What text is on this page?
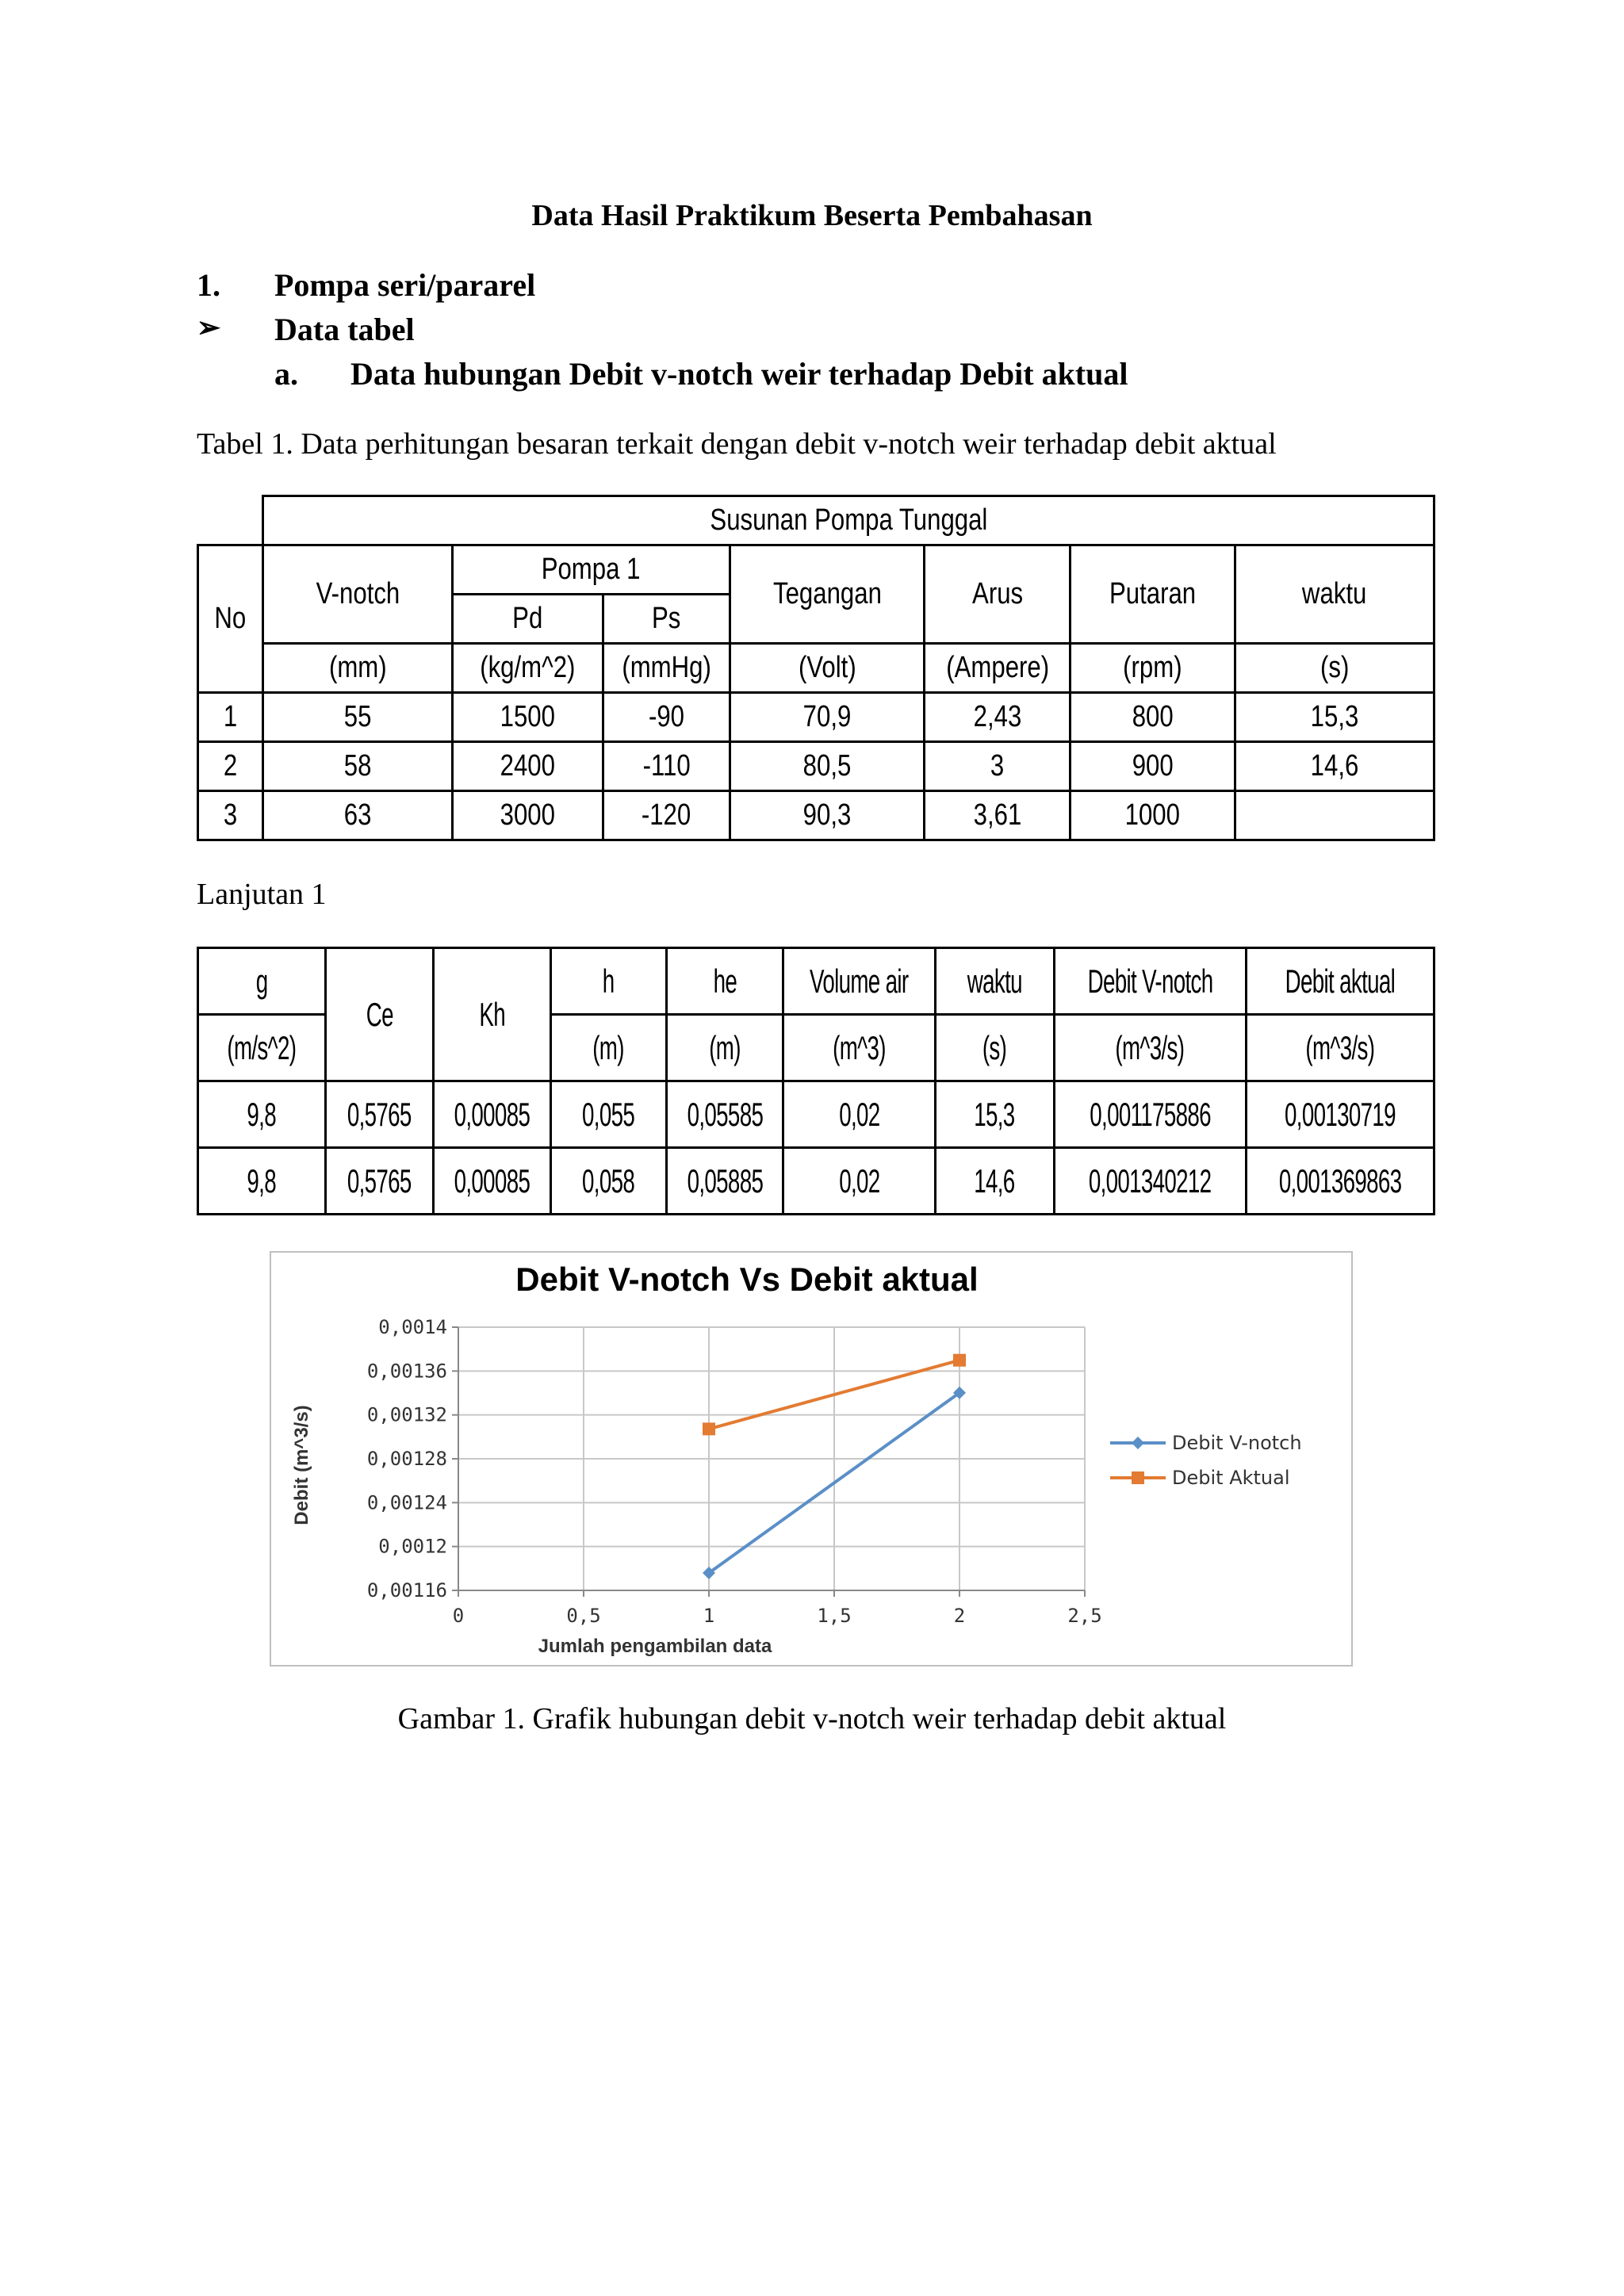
Data Hasil Praktikum Beserta Pembahasan
1. Pompa seri/pararel
➢ Data tabel
a. Data hubungan Debit v-notch weir terhadap Debit aktual
Tabel 1. Data perhitungan besaran terkait dengan debit v-notch weir terhadap debit aktual
	Susunan Pompa Tunggal						
No	V-notch	Pompa 1		Tegangan	Arus	Putaran	waktu
		Pd	Ps				
	(mm)	(kg/m^2)	(mmHg)	(Volt)	(Ampere)	(rpm)	(s)
1	55	1500	-90	70,9	2,43	800	15,3
2	58	2400	-110	80,5	3	900	14,6
3	63	3000	-120	90,3	3,61	1000	
Lanjutan 1
g	Ce	Kh	h	he	Volume air	waktu	Debit V-notch	Debit aktual
(m/s^2)			(m)	(m)	(m^3)	(s)	(m^3/s)	(m^3/s)
9,8	0,5765	0,00085	0,055	0,05585	0,02	15,3	0,001175886	0,00130719
9,8	0,5765	0,00085	0,058	0,05885	0,02	14,6	0,001340212	0,001369863
Debit V-notch Vs Debit aktual
0,00116
0,0012
0,00124
0,00128
0,00132
0,00136
0,0014
0	0,5	1	1,5	2	2,5
Debit V-notch
Debit Aktual
Jumlah pengambilan data
Debit (m^3/s)
Gambar 1. Grafik hubungan debit v-notch weir terhadap debit aktual
